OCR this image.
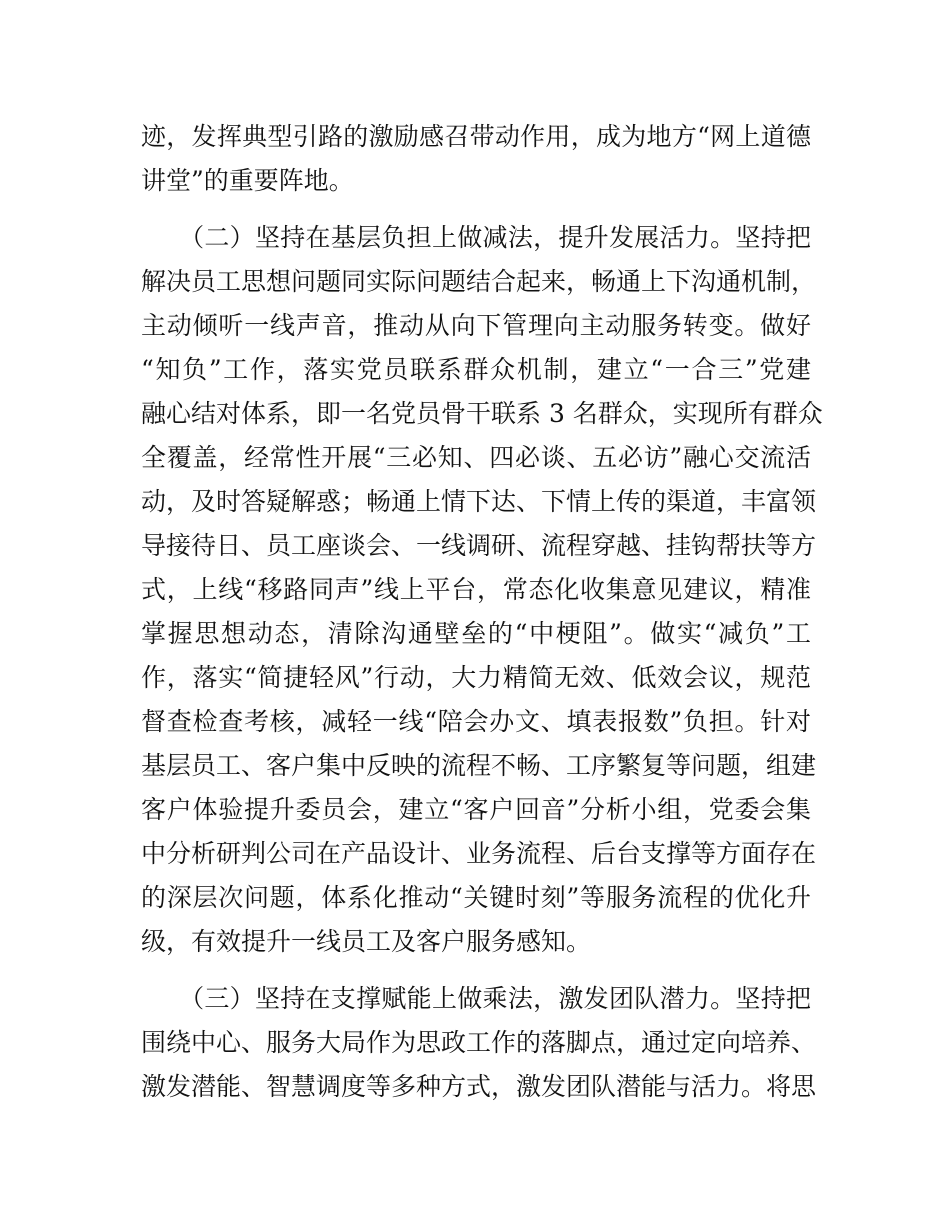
迹，发挥典型引路的激励感召带动作用，成为地方“网上道德
讲堂”的重要阵地。
　　（二）坚持在基层负担上做减法，提升发展活力。坚持把
解决员工思想问题同实际问题结合起来，畅通上下沟通机制，
主动倾听一线声音，推动从向下管理向主动服务转变。做好
“知负”工作，落实党员联系群众机制，建立“一合三”党建
融心结对体系，即一名党员骨干联系 3 名群众，实现所有群众
全覆盖，经常性开展“三必知、四必谈、五必访”融心交流活
动，及时答疑解惑；畅通上情下达、下情上传的渠道，丰富领
导接待日、员工座谈会、一线调研、流程穿越、挂钩帮扶等方
式，上线“移路同声”线上平台，常态化收集意见建议，精准
掌握思想动态，清除沟通壁垒的“中梗阻”。做实“减负”工
作，落实“简捷轻风”行动，大力精简无效、低效会议，规范
督查检查考核，减轻一线“陪会办文、填表报数”负担。针对
基层员工、客户集中反映的流程不畅、工序繁复等问题，组建
客户体验提升委员会，建立“客户回音”分析小组，党委会集
中分析研判公司在产品设计、业务流程、后台支撑等方面存在
的深层次问题，体系化推动“关键时刻”等服务流程的优化升
级，有效提升一线员工及客户服务感知。
　　（三）坚持在支撑赋能上做乘法，激发团队潜力。坚持把
围绕中心、服务大局作为思政工作的落脚点，通过定向培养、
激发潜能、智慧调度等多种方式，激发团队潜能与活力。将思
